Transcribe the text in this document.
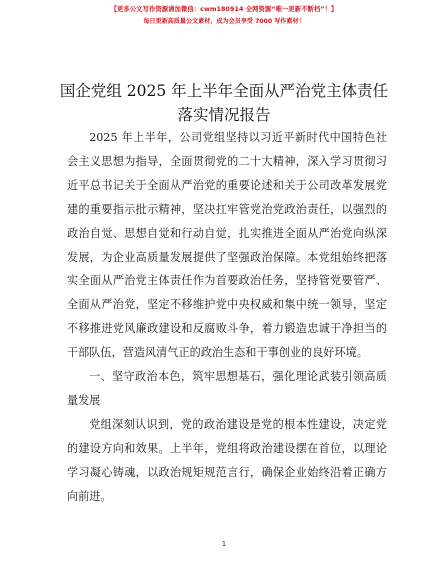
【更多公文写作资源请加微信：cwm180914 全网资源“唯一更新不断档”！】
每日更新高质量公文素材，成为会员享受 7000 写作素材！
国企党组 2025 年上半年全面从严治党主体责任
落实情况报告

2025 年上半年，公司党组坚持以习近平新时代中国特色社会主义思想为指导，全面贯彻党的二十大精神，深入学习贯彻习近平总书记关于全面从严治党的重要论述和关于公司改革发展党建的重要指示批示精神，坚决扛牢管党治党政治责任，以强烈的政治自觉、思想自觉和行动自觉，扎实推进全面从严治党向纵深发展，为企业高质量发展提供了坚强政治保障。本党组始终把落实全面从严治党主体责任作为首要政治任务，坚持管党要管严、全面从严治党，坚定不移维护党中央权威和集中统一领导，坚定不移推进党风廉政建设和反腐败斗争，着力锻造忠诚干净担当的干部队伍，营造风清气正的政治生态和干事创业的良好环境。

一、坚守政治本色，筑牢思想基石，强化理论武装引领高质量发展

党组深刻认识到，党的政治建设是党的根本性建设，决定党的建设方向和效果。上半年，党组将政治建设摆在首位，以理论学习凝心铸魂，以政治规矩规范言行，确保企业始终沿着正确方向前进。

1
